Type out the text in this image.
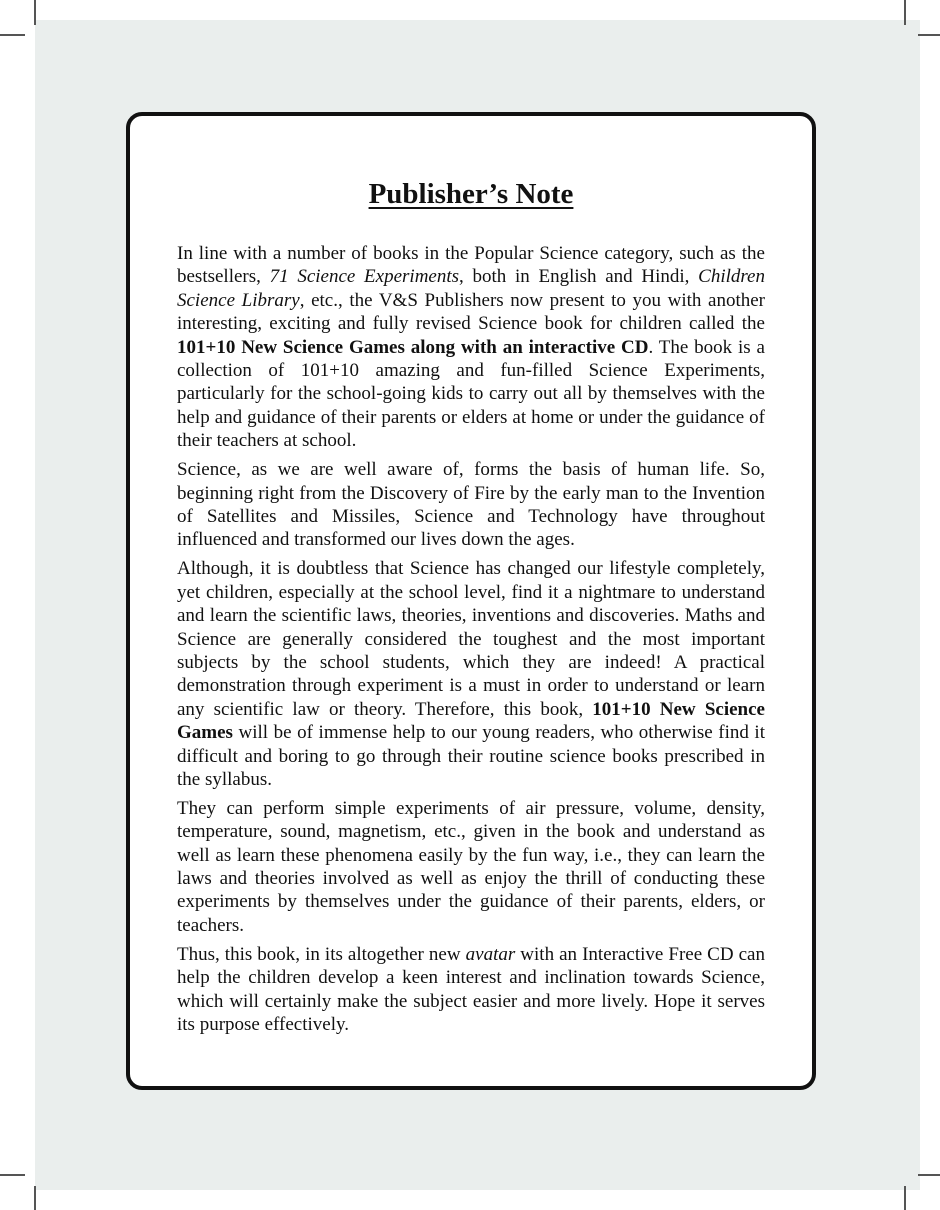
Publisher’s Note

In line with a number of books in the Popular Science category, such as the bestsellers, 71 Science Experiments, both in English and Hindi, Children Science Library, etc., the V&S Publishers now present to you with another interesting, exciting and fully revised Science book for children called the 101+10 New Science Games along with an interactive CD. The book is a collection of 101+10 amazing and fun-filled Science Experiments, particularly for the school-going kids to carry out all by themselves with the help and guidance of their parents or elders at home or under the guidance of their teachers at school.

Science, as we are well aware of, forms the basis of human life. So, beginning right from the Discovery of Fire by the early man to the Invention of Satellites and Missiles, Science and Technology have throughout influenced and transformed our lives down the ages.

Although, it is doubtless that Science has changed our lifestyle completely, yet children, especially at the school level, find it a nightmare to understand and learn the scientific laws, theories, inventions and discoveries. Maths and Science are generally considered the toughest and the most important subjects by the school students, which they are indeed! A practical demonstration through experiment is a must in order to understand or learn any scientific law or theory. Therefore, this book, 101+10 New Science Games will be of immense help to our young readers, who otherwise find it difficult and boring to go through their routine science books prescribed in the syllabus.

They can perform simple experiments of air pressure, volume, density, temperature, sound, magnetism, etc., given in the book and understand as well as learn these phenomena easily by the fun way, i.e., they can learn the laws and theories involved as well as enjoy the thrill of conducting these experiments by themselves under the guidance of their parents, elders, or teachers.

Thus, this book, in its altogether new avatar with an Interactive Free CD can help the children develop a keen interest and inclination towards Science, which will certainly make the subject easier and more lively. Hope it serves its purpose effectively.
